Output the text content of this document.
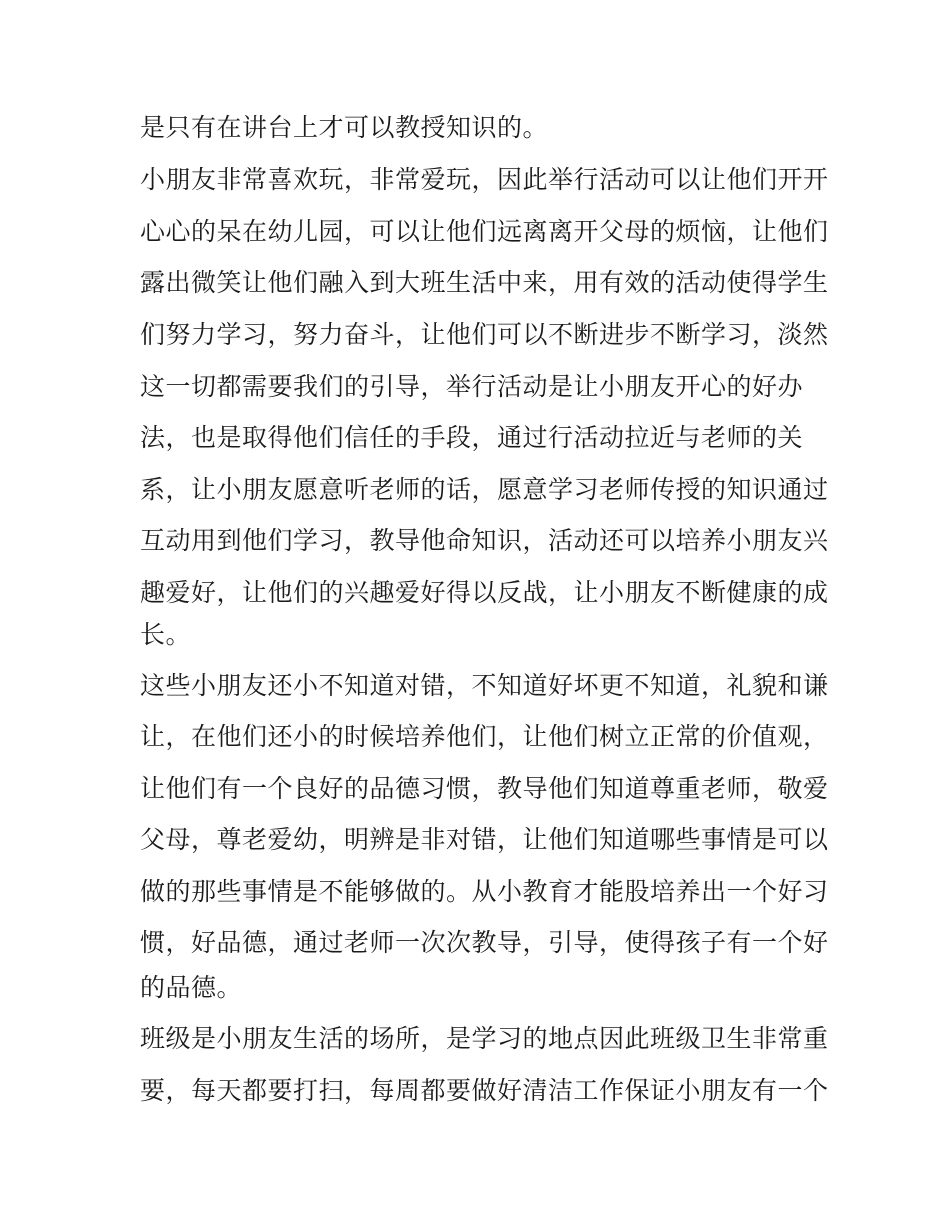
是只有在讲台上才可以教授知识的。
小朋友非常喜欢玩，非常爱玩，因此举行活动可以让他们开开
心心的呆在幼儿园，可以让他们远离离开父母的烦恼，让他们
露出微笑让他们融入到大班生活中来，用有效的活动使得学生
们努力学习，努力奋斗，让他们可以不断进步不断学习，淡然
这一切都需要我们的引导，举行活动是让小朋友开心的好办
法，也是取得他们信任的手段，通过行活动拉近与老师的关
系，让小朋友愿意听老师的话，愿意学习老师传授的知识通过
互动用到他们学习，教导他命知识，活动还可以培养小朋友兴
趣爱好，让他们的兴趣爱好得以反战，让小朋友不断健康的成
长。
这些小朋友还小不知道对错，不知道好坏更不知道，礼貌和谦
让，在他们还小的时候培养他们，让他们树立正常的价值观，
让他们有一个良好的品德习惯，教导他们知道尊重老师，敬爱
父母，尊老爱幼，明辨是非对错，让他们知道哪些事情是可以
做的那些事情是不能够做的。从小教育才能股培养出一个好习
惯，好品德，通过老师一次次教导，引导，使得孩子有一个好
的品德。
班级是小朋友生活的场所，是学习的地点因此班级卫生非常重
要，每天都要打扫，每周都要做好清洁工作保证小朋友有一个
